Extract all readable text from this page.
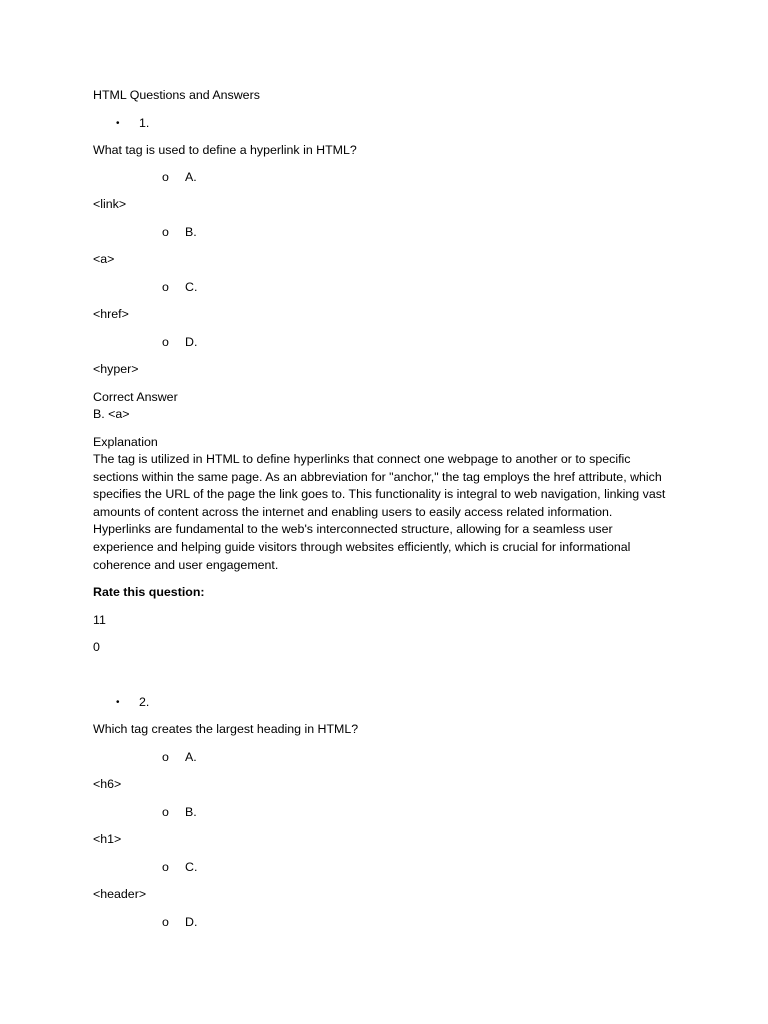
HTML Questions and Answers
• 1.
What tag is used to define a hyperlink in HTML?
o A.
<link>
o B.
<a>
o C.
<href>
o D.
<hyper>
Correct Answer
B. <a>
Explanation
The tag is utilized in HTML to define hyperlinks that connect one webpage to another or to specific sections within the same page. As an abbreviation for "anchor," the tag employs the href attribute, which specifies the URL of the page the link goes to. This functionality is integral to web navigation, linking vast amounts of content across the internet and enabling users to easily access related information. Hyperlinks are fundamental to the web's interconnected structure, allowing for a seamless user experience and helping guide visitors through websites efficiently, which is crucial for informational coherence and user engagement.
Rate this question:
11
0
• 2.
Which tag creates the largest heading in HTML?
o A.
<h6>
o B.
<h1>
o C.
<header>
o D.
